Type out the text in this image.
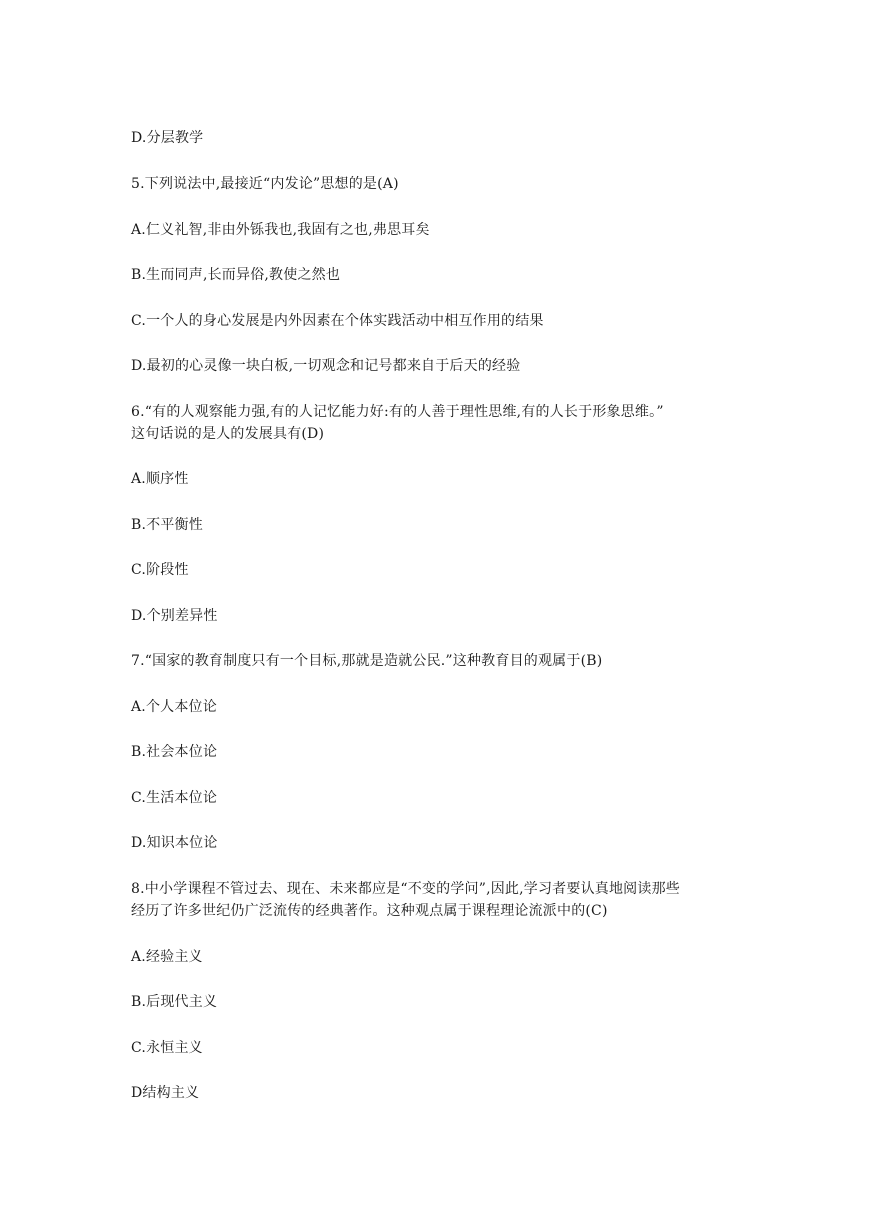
D.分层教学
5.下列说法中,最接近“内发论”思想的是(A)
A.仁义礼智,非由外铄我也,我固有之也,弗思耳矣
B.生而同声,长而异俗,教使之然也
C.一个人的身心发展是内外因素在个体实践活动中相互作用的结果
D.最初的心灵像一块白板,一切观念和记号都来自于后天的经验
6.“有的人观察能力强,有的人记忆能力好:有的人善于理性思维,有的人长于形象思维。”
这句话说的是人的发展具有(D)
A.顺序性
B.不平衡性
C.阶段性
D.个别差异性
7.“国家的教育制度只有一个目标,那就是造就公民.”这种教育目的观属于(B)
A.个人本位论
B.社会本位论
C.生活本位论
D.知识本位论
8.中小学课程不管过去、现在、未来都应是“不变的学问”,因此,学习者要认真地阅读那些
经历了许多世纪仍广泛流传的经典著作。这种观点属于课程理论流派中的(C)
A.经验主义
B.后现代主义
C.永恒主义
D结构主义
